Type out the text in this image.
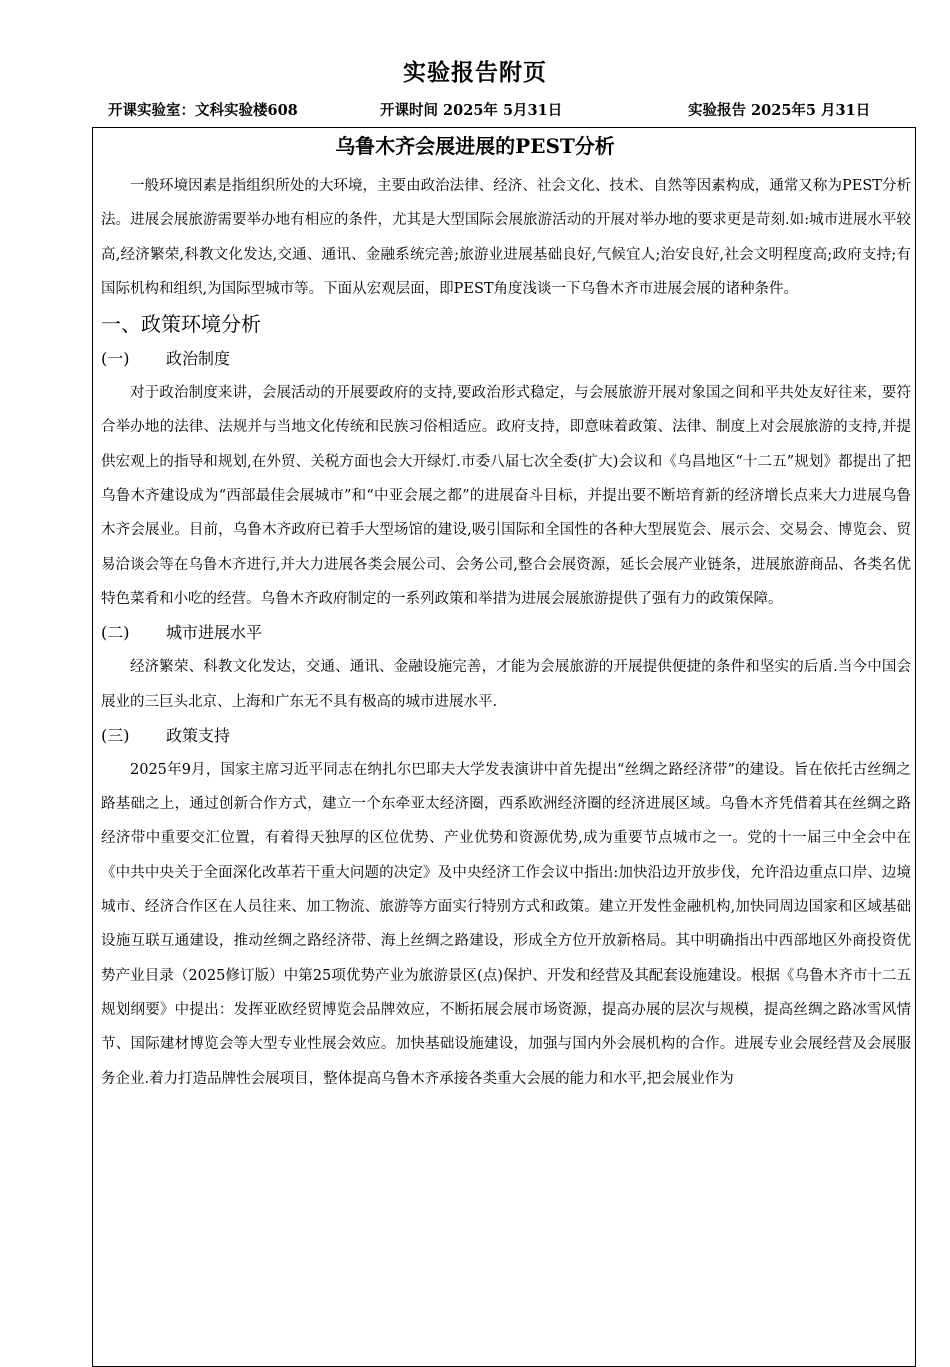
实验报告附页
开课实验室：文科实验楼608	开课时间 2025年 5月31日	实验报告 2025年5 月31日
乌鲁木齐会展进展的PEST分析

一般环境因素是指组织所处的大环境，主要由政治法律、经济、社会文化、技术、自然等因素构成，通常又称为PEST分析法。进展会展旅游需要举办地有相应的条件，尤其是大型国际会展旅游活动的开展对举办地的要求更是苛刻.如:城市进展水平较高,经济繁荣,科教文化发达,交通、通讯、金融系统完善;旅游业进展基础良好,气候宜人;治安良好,社会文明程度高;政府支持;有国际机构和组织,为国际型城市等。下面从宏观层面，即PEST角度浅谈一下乌鲁木齐市进展会展的诸种条件。

一、政策环境分析
(一) 政治制度

对于政治制度来讲，会展活动的开展要政府的支持,要政治形式稳定，与会展旅游开展对象国之间和平共处友好往来，要符合举办地的法律、法规并与当地文化传统和民族习俗相适应。政府支持，即意味着政策、法律、制度上对会展旅游的支持,并提供宏观上的指导和规划,在外贸、关税方面也会大开绿灯.市委八届七次全委(扩大)会议和《乌昌地区“十二五”规划》都提出了把乌鲁木齐建设成为“西部最佳会展城市”和“中亚会展之都”的进展奋斗目标，并提出要不断培育新的经济增长点来大力进展乌鲁木齐会展业。目前，乌鲁木齐政府已着手大型场馆的建设,吸引国际和全国性的各种大型展览会、展示会、交易会、博览会、贸易洽谈会等在乌鲁木齐进行,并大力进展各类会展公司、会务公司,整合会展资源，延长会展产业链条，进展旅游商品、各类名优特色菜肴和小吃的经营。乌鲁木齐政府制定的一系列政策和举措为进展会展旅游提供了强有力的政策保障。

(二) 城市进展水平

经济繁荣、科教文化发达，交通、通讯、金融设施完善，才能为会展旅游的开展提供便捷的条件和坚实的后盾.当今中国会展业的三巨头北京、上海和广东无不具有极高的城市进展水平.

(三) 政策支持

2025年9月，国家主席习近平同志在纳扎尔巴耶夫大学发表演讲中首先提出“丝绸之路经济带”的建设。旨在依托古丝绸之路基础之上，通过创新合作方式，建立一个东牵亚太经济圈，西系欧洲经济圈的经济进展区域。乌鲁木齐凭借着其在丝绸之路经济带中重要交汇位置，有着得天独厚的区位优势、产业优势和资源优势,成为重要节点城市之一。党的十一届三中全会中在《中共中央关于全面深化改革若干重大问题的决定》及中央经济工作会议中指出:加快沿边开放步伐，允许沿边重点口岸、边境城市、经济合作区在人员往来、加工物流、旅游等方面实行特别方式和政策。建立开发性金融机构,加快同周边国家和区域基础设施互联互通建设，推动丝绸之路经济带、海上丝绸之路建设，形成全方位开放新格局。其中明确指出中西部地区外商投资优势产业目录（2025修订版）中第25项优势产业为旅游景区(点)保护、开发和经营及其配套设施建设。根据《乌鲁木齐市十二五规划纲要》中提出：发挥亚欧经贸博览会品牌效应，不断拓展会展市场资源，提高办展的层次与规模，提高丝绸之路冰雪风情节、国际建材博览会等大型专业性展会效应。加快基础设施建设，加强与国内外会展机构的合作。进展专业会展经营及会展服务企业.着力打造品牌性会展项目，整体提高乌鲁木齐承接各类重大会展的能力和水平,把会展业作为
